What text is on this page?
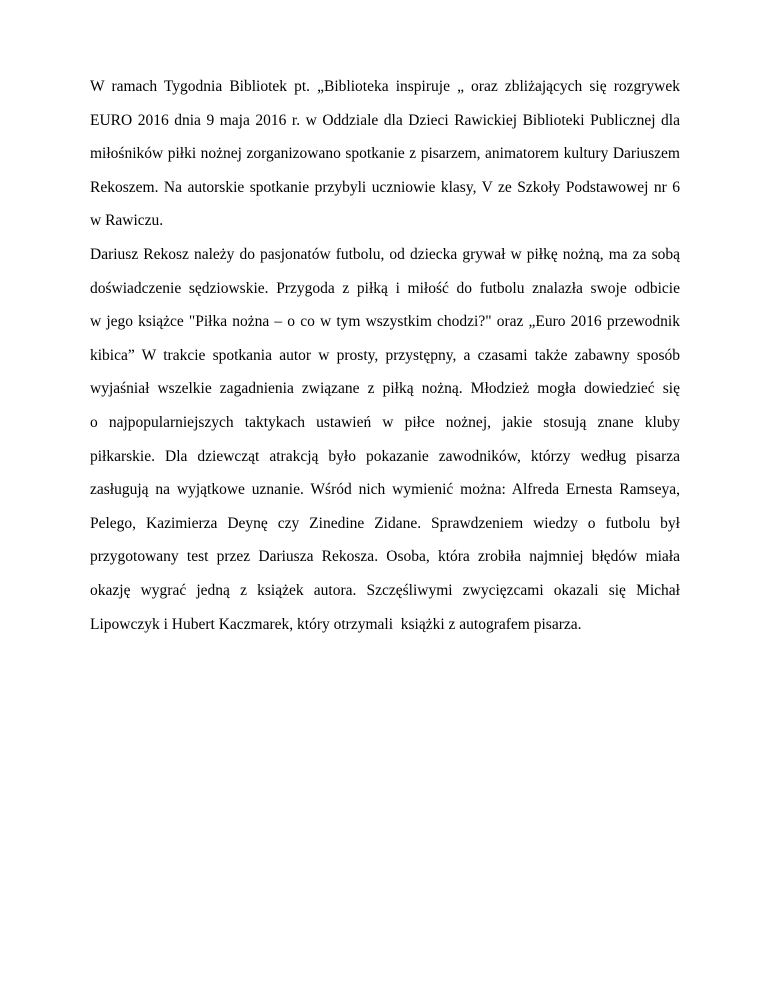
W ramach Tygodnia Bibliotek pt. „Biblioteka inspiruje „ oraz zbliżających się rozgrywek
EURO 2016 dnia 9 maja 2016 r. w Oddziale dla Dzieci Rawickiej Biblioteki Publicznej dla
miłośników piłki nożnej zorganizowano spotkanie z pisarzem, animatorem kultury Dariuszem
Rekoszem. Na autorskie spotkanie przybyli uczniowie klasy, V ze Szkoły Podstawowej nr 6
w Rawiczu.
Dariusz Rekosz należy do pasjonatów futbolu, od dziecka grywał w piłkę nożną, ma za sobą
doświadczenie sędziowskie. Przygoda z piłką i miłość do futbolu znalazła swoje odbicie
w jego książce "Piłka nożna – o co w tym wszystkim chodzi?" oraz „Euro 2016 przewodnik
kibica” W trakcie spotkania autor w prosty, przystępny, a czasami także zabawny sposób
wyjaśniał wszelkie zagadnienia związane z piłką nożną. Młodzież mogła dowiedzieć się
o najpopularniejszych taktykach ustawień w piłce nożnej, jakie stosują znane kluby
piłkarskie. Dla dziewcząt atrakcją było pokazanie zawodników, którzy według pisarza
zasługują na wyjątkowe uznanie. Wśród nich wymienić można: Alfreda Ernesta Ramseya,
Pelego, Kazimierza Deynę czy Zinedine Zidane. Sprawdzeniem wiedzy o futbolu był
przygotowany test przez Dariusza Rekosza. Osoba, która zrobiła najmniej błędów miała
okazję wygrać jedną z książek autora. Szczęśliwymi zwycięzcami okazali się Michał
Lipowczyk i Hubert Kaczmarek, który otrzymali  książki z autografem pisarza.
